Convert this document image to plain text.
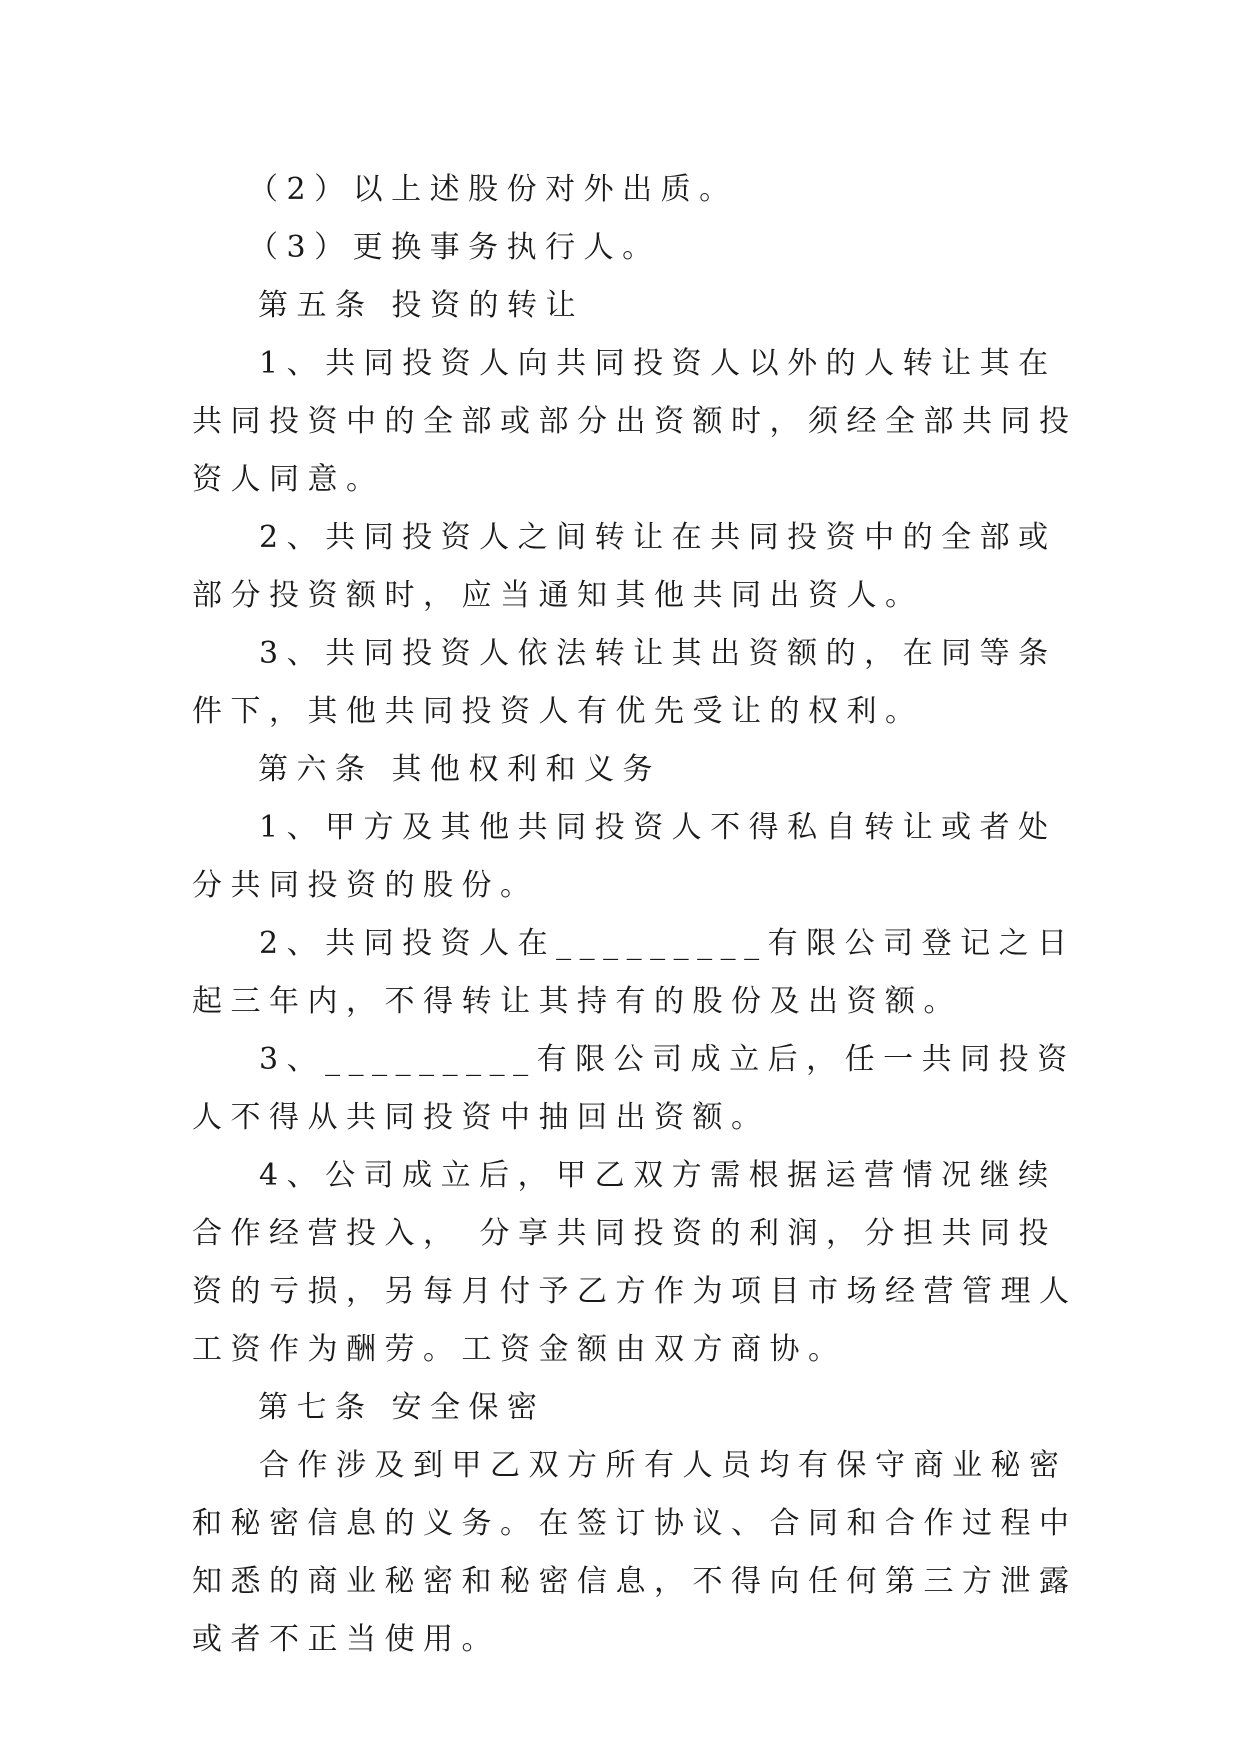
（2）以上述股份对外出质。

（3）更换事务执行人。

第五条 投资的转让

1、共同投资人向共同投资人以外的人转让其在共同投资中的全部或部分出资额时，须经全部共同投资人同意。

2、共同投资人之间转让在共同投资中的全部或部分投资额时，应当通知其他共同出资人。

3、共同投资人依法转让其出资额的，在同等条件下，其他共同投资人有优先受让的权利。

第六条 其他权利和义务

1、甲方及其他共同投资人不得私自转让或者处分共同投资的股份。

2、共同投资人在_________有限公司登记之日起三年内，不得转让其持有的股份及出资额。

3、_________有限公司成立后，任一共同投资人不得从共同投资中抽回出资额。

4、公司成立后，甲乙双方需根据运营情况继续合作经营投入， 分享共同投资的利润，分担共同投资的亏损，另每月付予乙方作为项目市场经营管理人工资作为酬劳。工资金额由双方商协。

第七条 安全保密

合作涉及到甲乙双方所有人员均有保守商业秘密和秘密信息的义务。在签订协议、合同和合作过程中知悉的商业秘密和秘密信息，不得向任何第三方泄露或者不正当使用。
